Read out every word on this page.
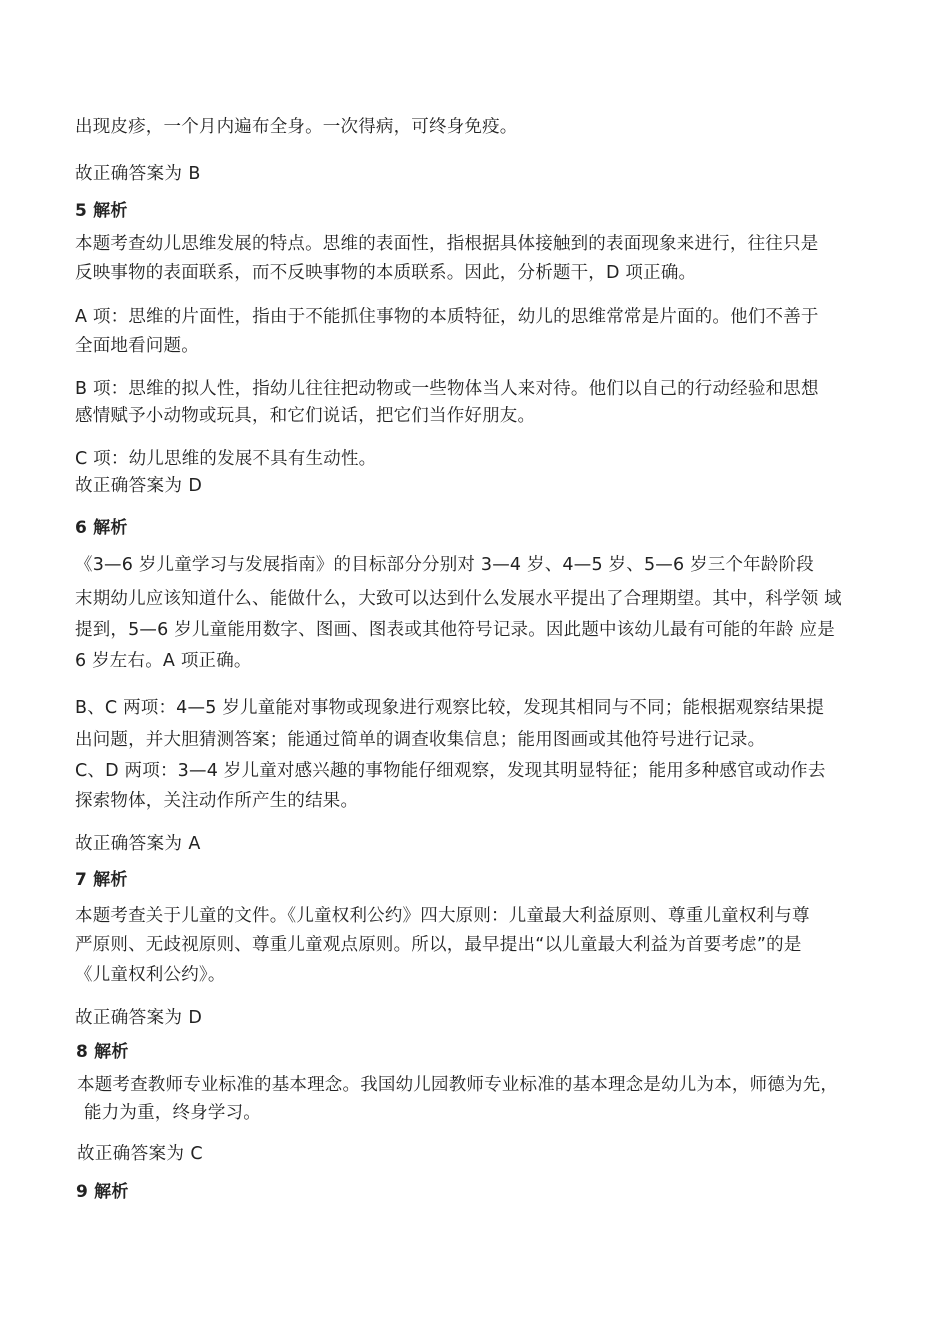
出现皮疹，一个月内遍布全身。一次得病，可终身免疫。
故正确答案为 B
5 解析
本题考查幼儿思维发展的特点。思维的表面性，指根据具体接触到的表面现象来进行，往往只是
反映事物的表面联系，而不反映事物的本质联系。因此，分析题干，D 项正确。
A 项：思维的片面性，指由于不能抓住事物的本质特征，幼儿的思维常常是片面的。他们不善于
全面地看问题。
B 项：思维的拟人性，指幼儿往往把动物或一些物体当人来对待。他们以自己的行动经验和思想
感情赋予小动物或玩具，和它们说话，把它们当作好朋友。
C 项：幼儿思维的发展不具有生动性。
故正确答案为 D
6 解析
《3—6 岁儿童学习与发展指南》的目标部分分别对 3—4 岁、4—5 岁、5—6 岁三个年龄阶段
末期幼儿应该知道什么、能做什么，大致可以达到什么发展水平提出了合理期望。其中，科学领 域
提到，5—6 岁儿童能用数字、图画、图表或其他符号记录。因此题中该幼儿最有可能的年龄 应是
6 岁左右。A 项正确。
B、C 两项：4—5 岁儿童能对事物或现象进行观察比较，发现其相同与不同；能根据观察结果提
出问题，并大胆猜测答案；能通过简单的调查收集信息；能用图画或其他符号进行记录。
C、D 两项：3—4 岁儿童对感兴趣的事物能仔细观察，发现其明显特征；能用多种感官或动作去
探索物体，关注动作所产生的结果。
故正确答案为 A
7 解析
本题考查关于儿童的文件。《儿童权利公约》四大原则：儿童最大利益原则、尊重儿童权利与尊
严原则、无歧视原则、尊重儿童观点原则。所以，最早提出“以儿童最大利益为首要考虑”的是
《儿童权利公约》。
故正确答案为 D
8 解析
本题考查教师专业标准的基本理念。我国幼儿园教师专业标准的基本理念是幼儿为本，师德为先，
能力为重，终身学习。
故正确答案为 C
9 解析
